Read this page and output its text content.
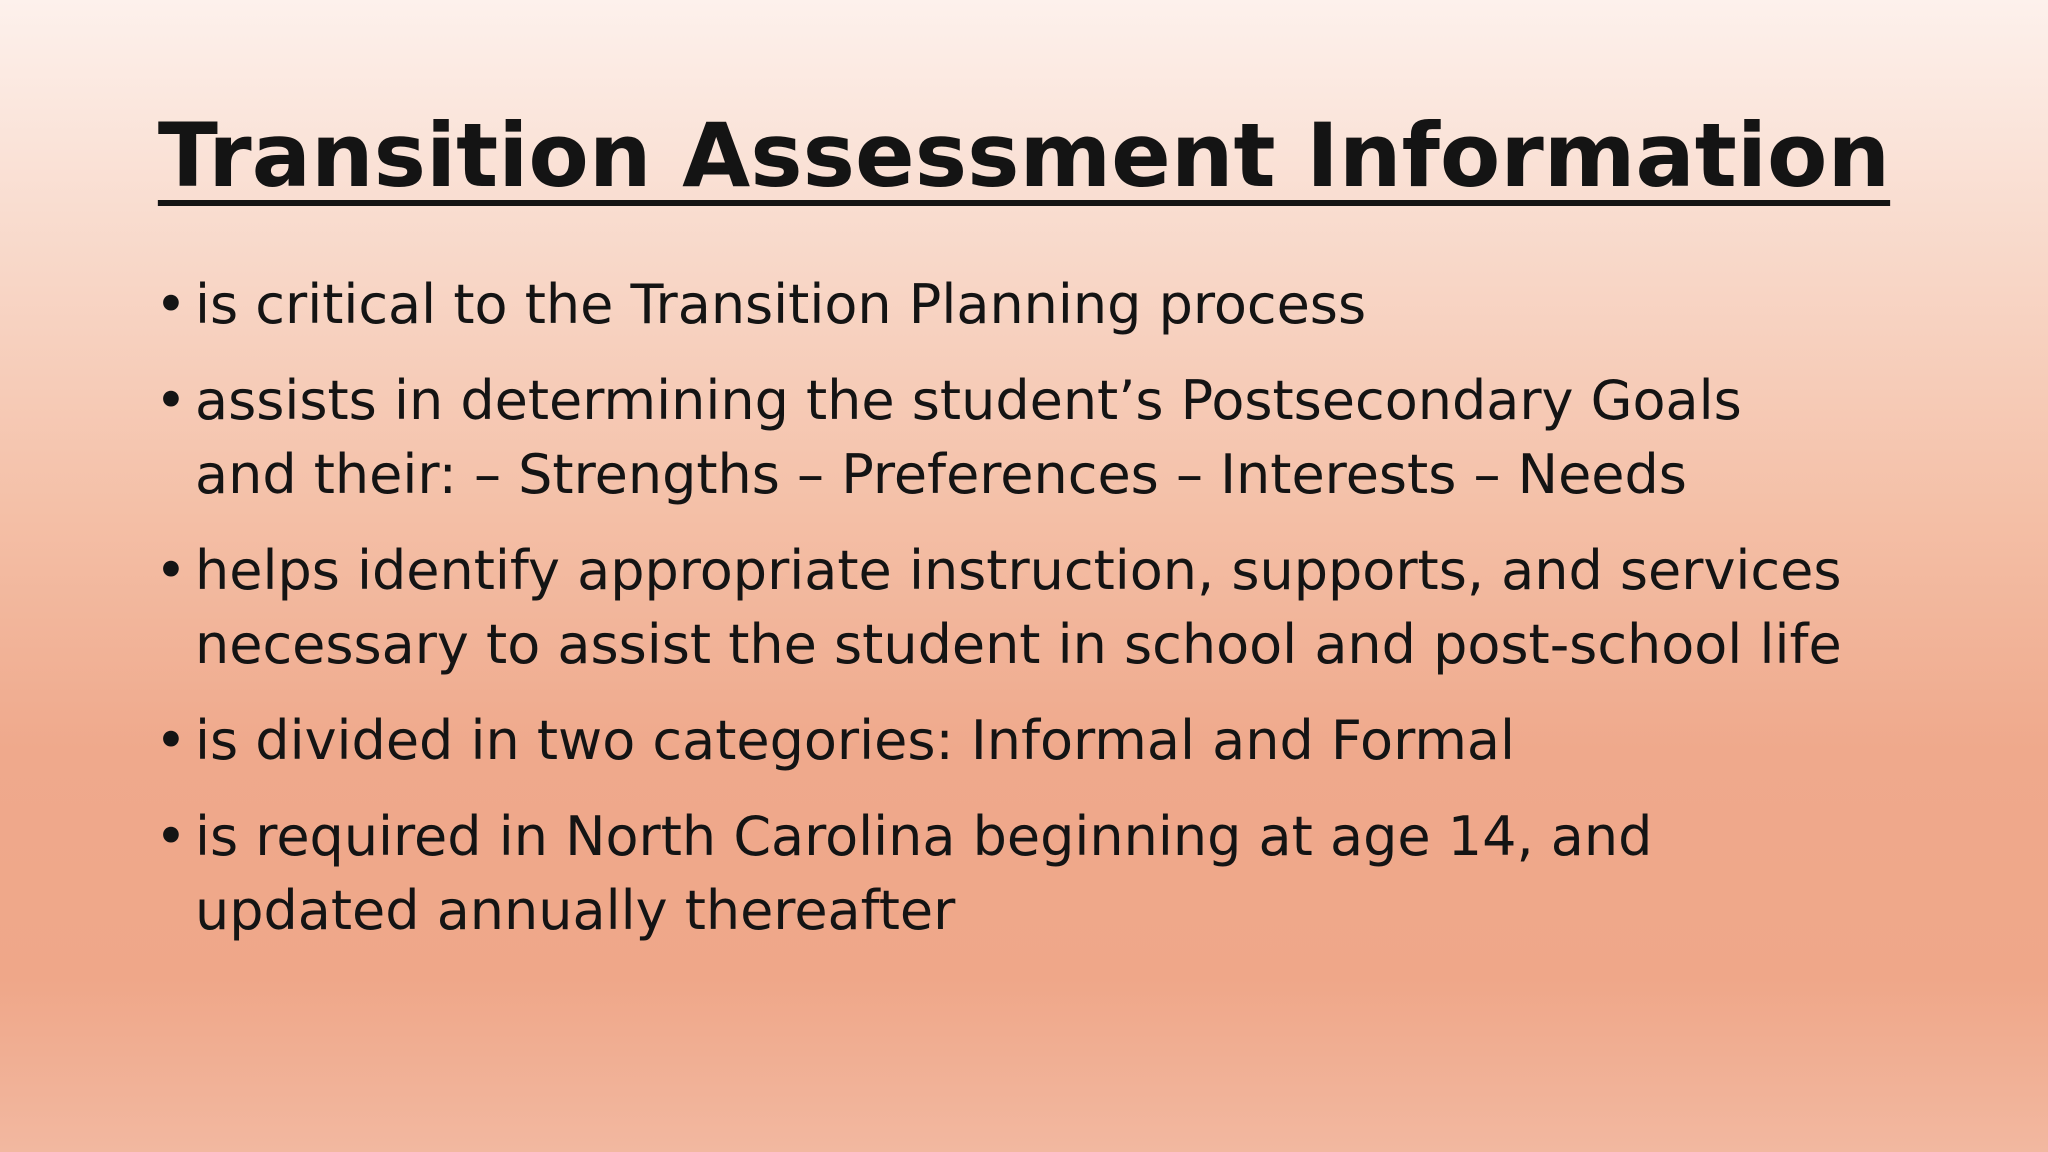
Transition Assessment Information
• is critical to the Transition Planning process
• assists in determining the student’s Postsecondary Goals and their: – Strengths – Preferences – Interests – Needs
• helps identify appropriate instruction, supports, and services necessary to assist the student in school and post-school life
• is divided in two categories: Informal and Formal
• is required in North Carolina beginning at age 14, and updated annually thereafter
